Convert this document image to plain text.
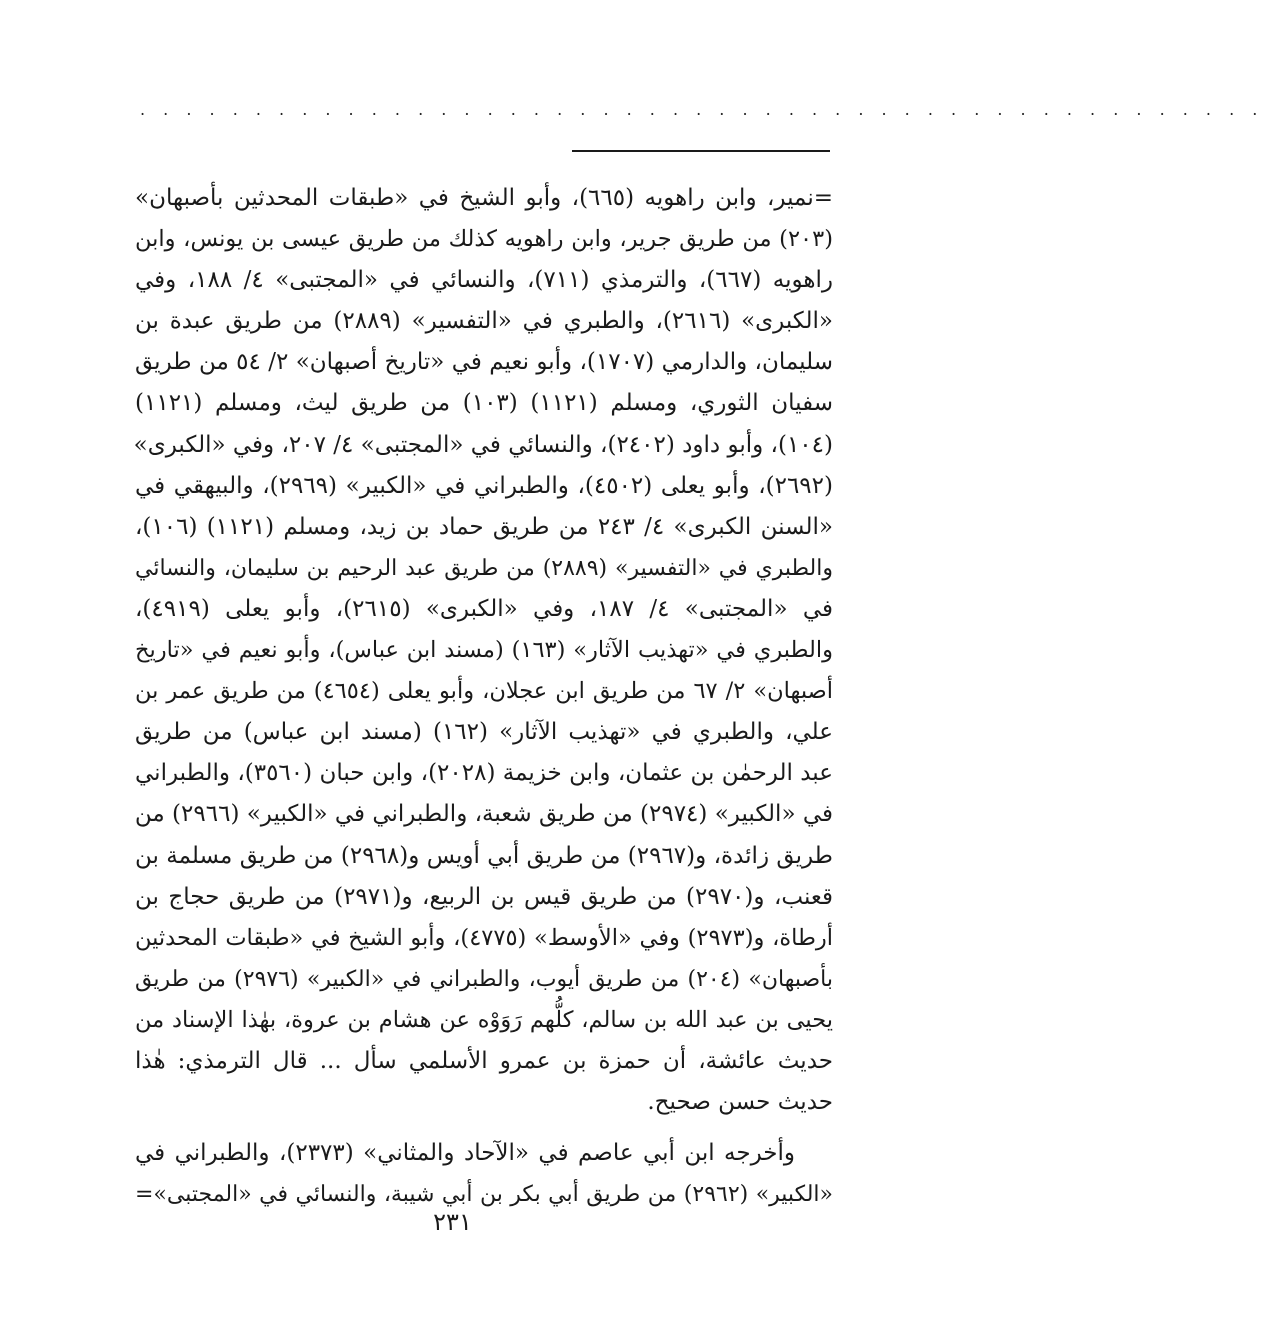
. . . . . . . . . . . . . . . . . . . . . . . . . . . . . . . . . . . . . . . . . . . . . . . . .
=نمير، وابن راهويه (٦٦٥)، وأبو الشيخ في «طبقات المحدثين بأصبهان»
(٢٠٣) من طريق جرير، وابن راهويه كذلك من طريق عيسى بن يونس، وابن
راهويه (٦٦٧)، والترمذي (٧١١)، والنسائي في «المجتبى» ٤/ ١٨٨، وفي
«الكبرى» (٢٦١٦)، والطبري في «التفسير» (٢٨٨٩) من طريق عبدة بن
سليمان، والدارمي (١٧٠٧)، وأبو نعيم في «تاريخ أصبهان» ٢/ ٥٤ من طريق
سفيان الثوري، ومسلم (١١٢١) (١٠٣) من طريق ليث، ومسلم (١١٢١)
(١٠٤)، وأبو داود (٢٤٠٢)، والنسائي في «المجتبى» ٤/ ٢٠٧، وفي «الكبرى»
(٢٦٩٢)، وأبو يعلى (٤٥٠٢)، والطبراني في «الكبير» (٢٩٦٩)، والبيهقي في
«السنن الكبرى» ٤/ ٢٤٣ من طريق حماد بن زيد، ومسلم (١١٢١) (١٠٦)،
والطبري في «التفسير» (٢٨٨٩) من طريق عبد الرحيم بن سليمان، والنسائي
في «المجتبى» ٤/ ١٨٧، وفي «الكبرى» (٢٦١٥)، وأبو يعلى (٤٩١٩)،
والطبري في «تهذيب الآثار» (١٦٣) (مسند ابن عباس)، وأبو نعيم في «تاريخ
أصبهان» ٢/ ٦٧ من طريق ابن عجلان، وأبو يعلى (٤٦٥٤) من طريق عمر بن
علي، والطبري في «تهذيب الآثار» (١٦٢) (مسند ابن عباس) من طريق
عبد الرحمٰن بن عثمان، وابن خزيمة (٢٠٢٨)، وابن حبان (٣٥٦٠)، والطبراني
في «الكبير» (٢٩٧٤) من طريق شعبة، والطبراني في «الكبير» (٢٩٦٦) من
طريق زائدة، و(٢٩٦٧) من طريق أبي أويس و(٢٩٦٨) من طريق مسلمة بن
قعنب، و(٢٩٧٠) من طريق قيس بن الربيع، و(٢٩٧١) من طريق حجاج بن
أرطاة، و(٢٩٧٣) وفي «الأوسط» (٤٧٧٥)، وأبو الشيخ في «طبقات المحدثين
بأصبهان» (٢٠٤) من طريق أيوب، والطبراني في «الكبير» (٢٩٧٦) من طريق
يحيى بن عبد الله بن سالم، كلُّهم رَوَوْه عن هشام بن عروة، بهٰذا الإسناد من
حديث عائشة، أن حمزة بن عمرو الأسلمي سأل ... قال الترمذي: هٰذا
حديث حسن صحيح.
وأخرجه ابن أبي عاصم في «الآحاد والمثاني» (٢٣٧٣)، والطبراني في
«الكبير» (٢٩٦٢) من طريق أبي بكر بن أبي شيبة، والنسائي في «المجتبى»=
٢٣١
